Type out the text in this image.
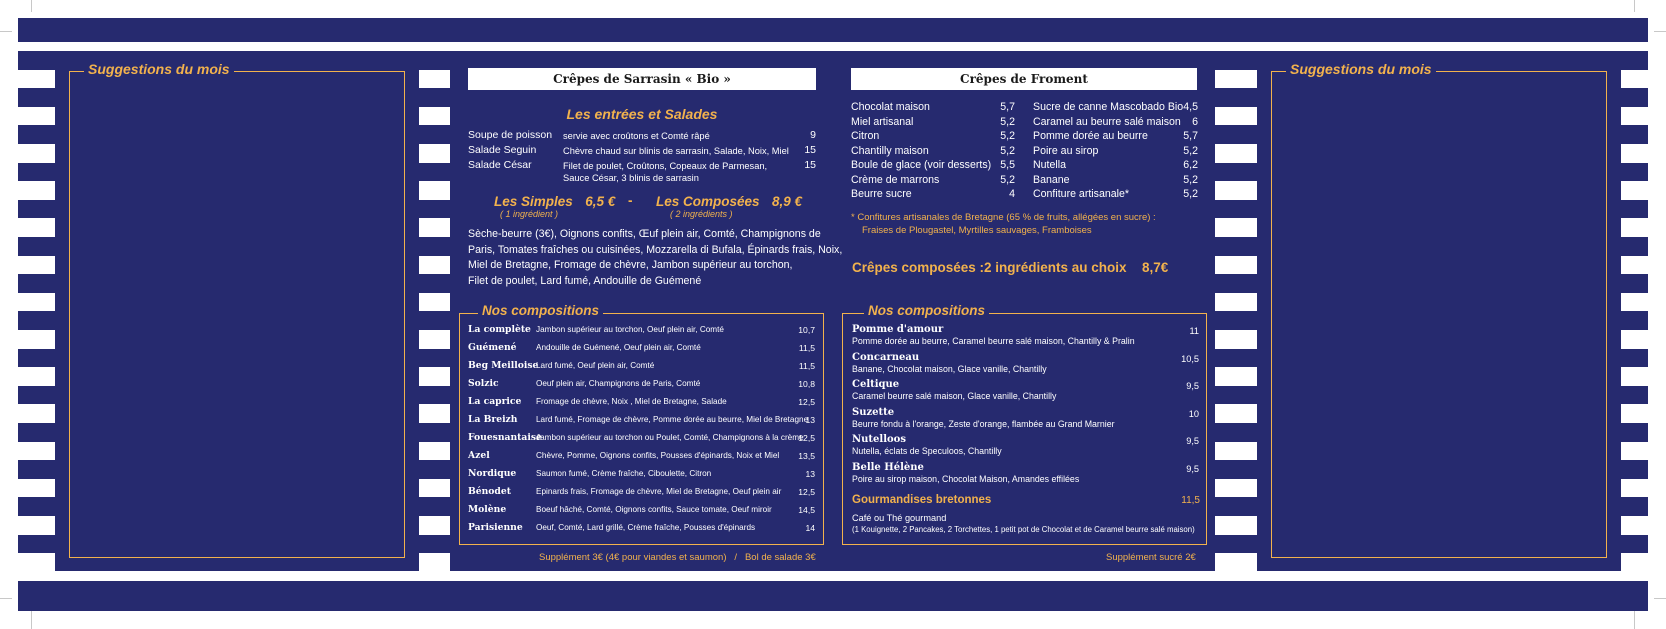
Suggestions du mois	Suggestions du mois
Crêpes de Sarrasin « Bio »
Les entrées et Salades
Soupe de poisson servie avec croûtons et Comté râpé	9
Salade Seguin	Chèvre chaud sur blinis de sarrasin, Salade, Noix, Miel	15
Salade César	Filet de poulet, Croûtons, Copeaux de Parmesan,
Sauce César, 3 blinis de sarrasin
15
Les Simples 6,5 € - Les Composées 8,9 €
( 1 ingrédient )	( 2 ingrédients )
Sèche-beurre (3€), Oignons confits, Œuf plein air, Comté, Champignons de
Paris, Tomates fraîches ou cuisinées, Mozzarella di Bufala, Épinards frais, Noix,
Miel de Bretagne, Fromage de chèvre, Jambon supérieur au torchon,
Filet de poulet, Lard fumé, Andouille de Guémené
Nos compositions
La complète Jambon supérieur au torchon, Oeuf plein air, Comté	10,7
Guémené Andouille de Guémené, Oeuf plein air, Comté	11,5
Beg Meilloise
Lard fumé, Oeuf plein air, Comté	11,5
Solzic	Oeuf plein air, Champignons de Paris, Comté	10,8
La caprice Fromage de chèvre, Noix , Miel de Bretagne, Salade	12,5
La Breizh Lard fumé, Fromage de chèvre, Pomme dorée au beurre, Miel de Bretagne
13
Fouesnantaise
Jambon supérieur au torchon ou Poulet, Comté, Champignons à la crème
12,5
Azel	Chèvre, Pomme, Oignons confits, Pousses d'épinards, Noix et Miel	13,5
Nordique Saumon fumé, Crème fraîche, Ciboulette, Citron	13
Bénodet	Epinards frais, Fromage de chèvre, Miel de Bretagne, Oeuf plein air	12,5
Molène	Boeuf hâché, Comté, Oignons confits, Sauce tomate, Oeuf miroir	14,5
Parisienne Oeuf, Comté, Lard grillé, Crème fraîche, Pousses d'épinards	14
Supplément 3€ (4€ pour viandes et saumon)   /   Bol de salade 3€
Crêpes de Froment
Chocolat maison	5,7
Miel artisanal	5,2
Citron	5,2
Chantilly maison	5,2
Boule de glace (voir desserts) 5,5
Crème de marrons	5,2
Beurre sucre	4
Sucre de canne Mascobado Bio 4,5
Caramel au beurre salé maison	6
Pomme dorée au beurre	5,7
Poire au sirop	5,2
Nutella	6,2
Banane	5,2
Confiture artisanale*	5,2
* Confitures artisanales de Bretagne (65 % de fruits, allégées en sucre) :
Fraises de Plougastel, Myrtilles sauvages, Framboises
Crêpes composées : 2 ingrédients au choix 8,7€
Nos compositions
Pomme d'amour
Pomme dorée au beurre, Caramel beurre salé maison, Chantilly & Pralin
11
Concarneau
Banane, Chocolat maison, Glace vanille, Chantilly
10,5
Celtique
Caramel beurre salé maison, Glace vanille, Chantilly
9,5
Suzette
Beurre fondu à l'orange, Zeste d'orange, flambée au Grand Marnier
10
Nutelloos
Nutella, éclats de Speculoos, Chantilly
9,5
Belle Hélène
Poire au sirop maison, Chocolat Maison, Amandes effilées
9,5
Gourmandises bretonnes	11,5
Café ou Thé gourmand
(1 Kouignette, 2 Pancakes, 2 Torchettes, 1 petit pot de Chocolat et de Caramel beurre salé maison)
Supplément sucré 2€
